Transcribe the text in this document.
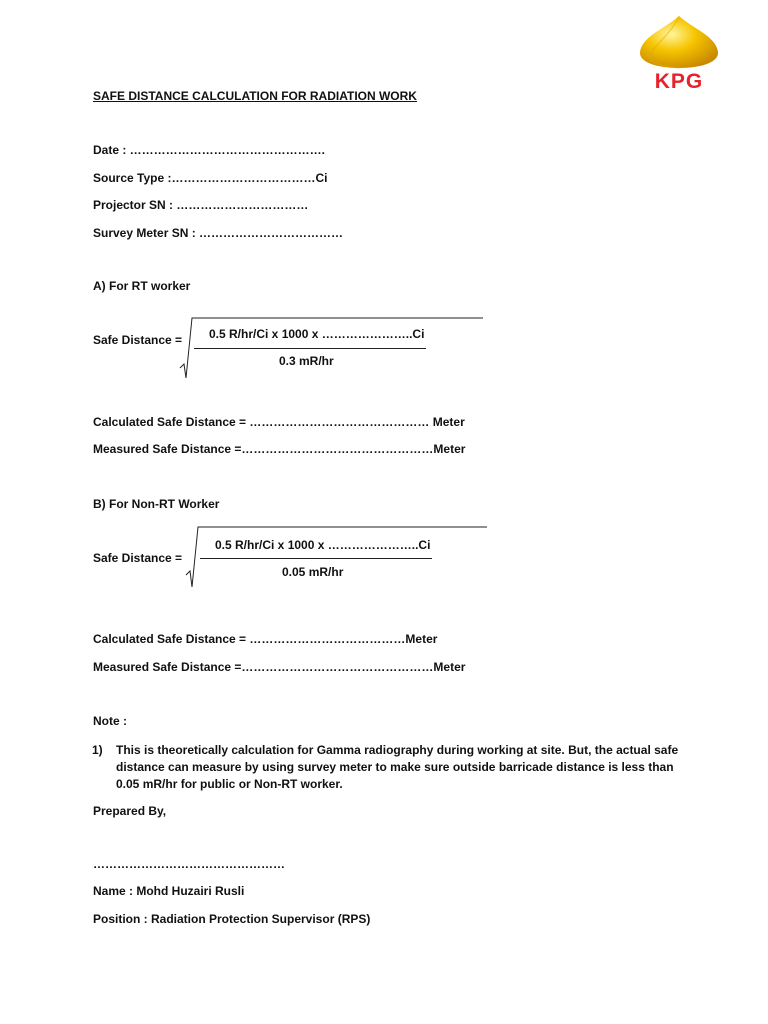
KPG
SAFE DISTANCE CALCULATION FOR RADIATION WORK
Date : ………………………………………….
Source Type :………………………………Ci
Projector SN : ……………………………
Survey Meter SN : ………………………………
A) For RT worker
Safe Distance = 0.5 R/hr/Ci x 1000 x …………………..Ci
0.3 mR/hr
Calculated Safe Distance = ……………………………………… Meter
Measured Safe Distance =…………………………………………Meter
B) For Non-RT Worker
Safe Distance =
0.5 R/hr/Ci x 1000 x …………………..Ci
0.05 mR/hr
Calculated Safe Distance = …………………………………Meter
Measured Safe Distance =…………………………………………Meter
Note :
1) This is theoretically calculation for Gamma radiography during working at site. But, the actual safe distance can measure by using survey meter to make sure outside barricade distance is less than 0.05 mR/hr for public or Non-RT worker.
Prepared By,
…………………………………………
Name : Mohd Huzairi Rusli
Position : Radiation Protection Supervisor (RPS)
